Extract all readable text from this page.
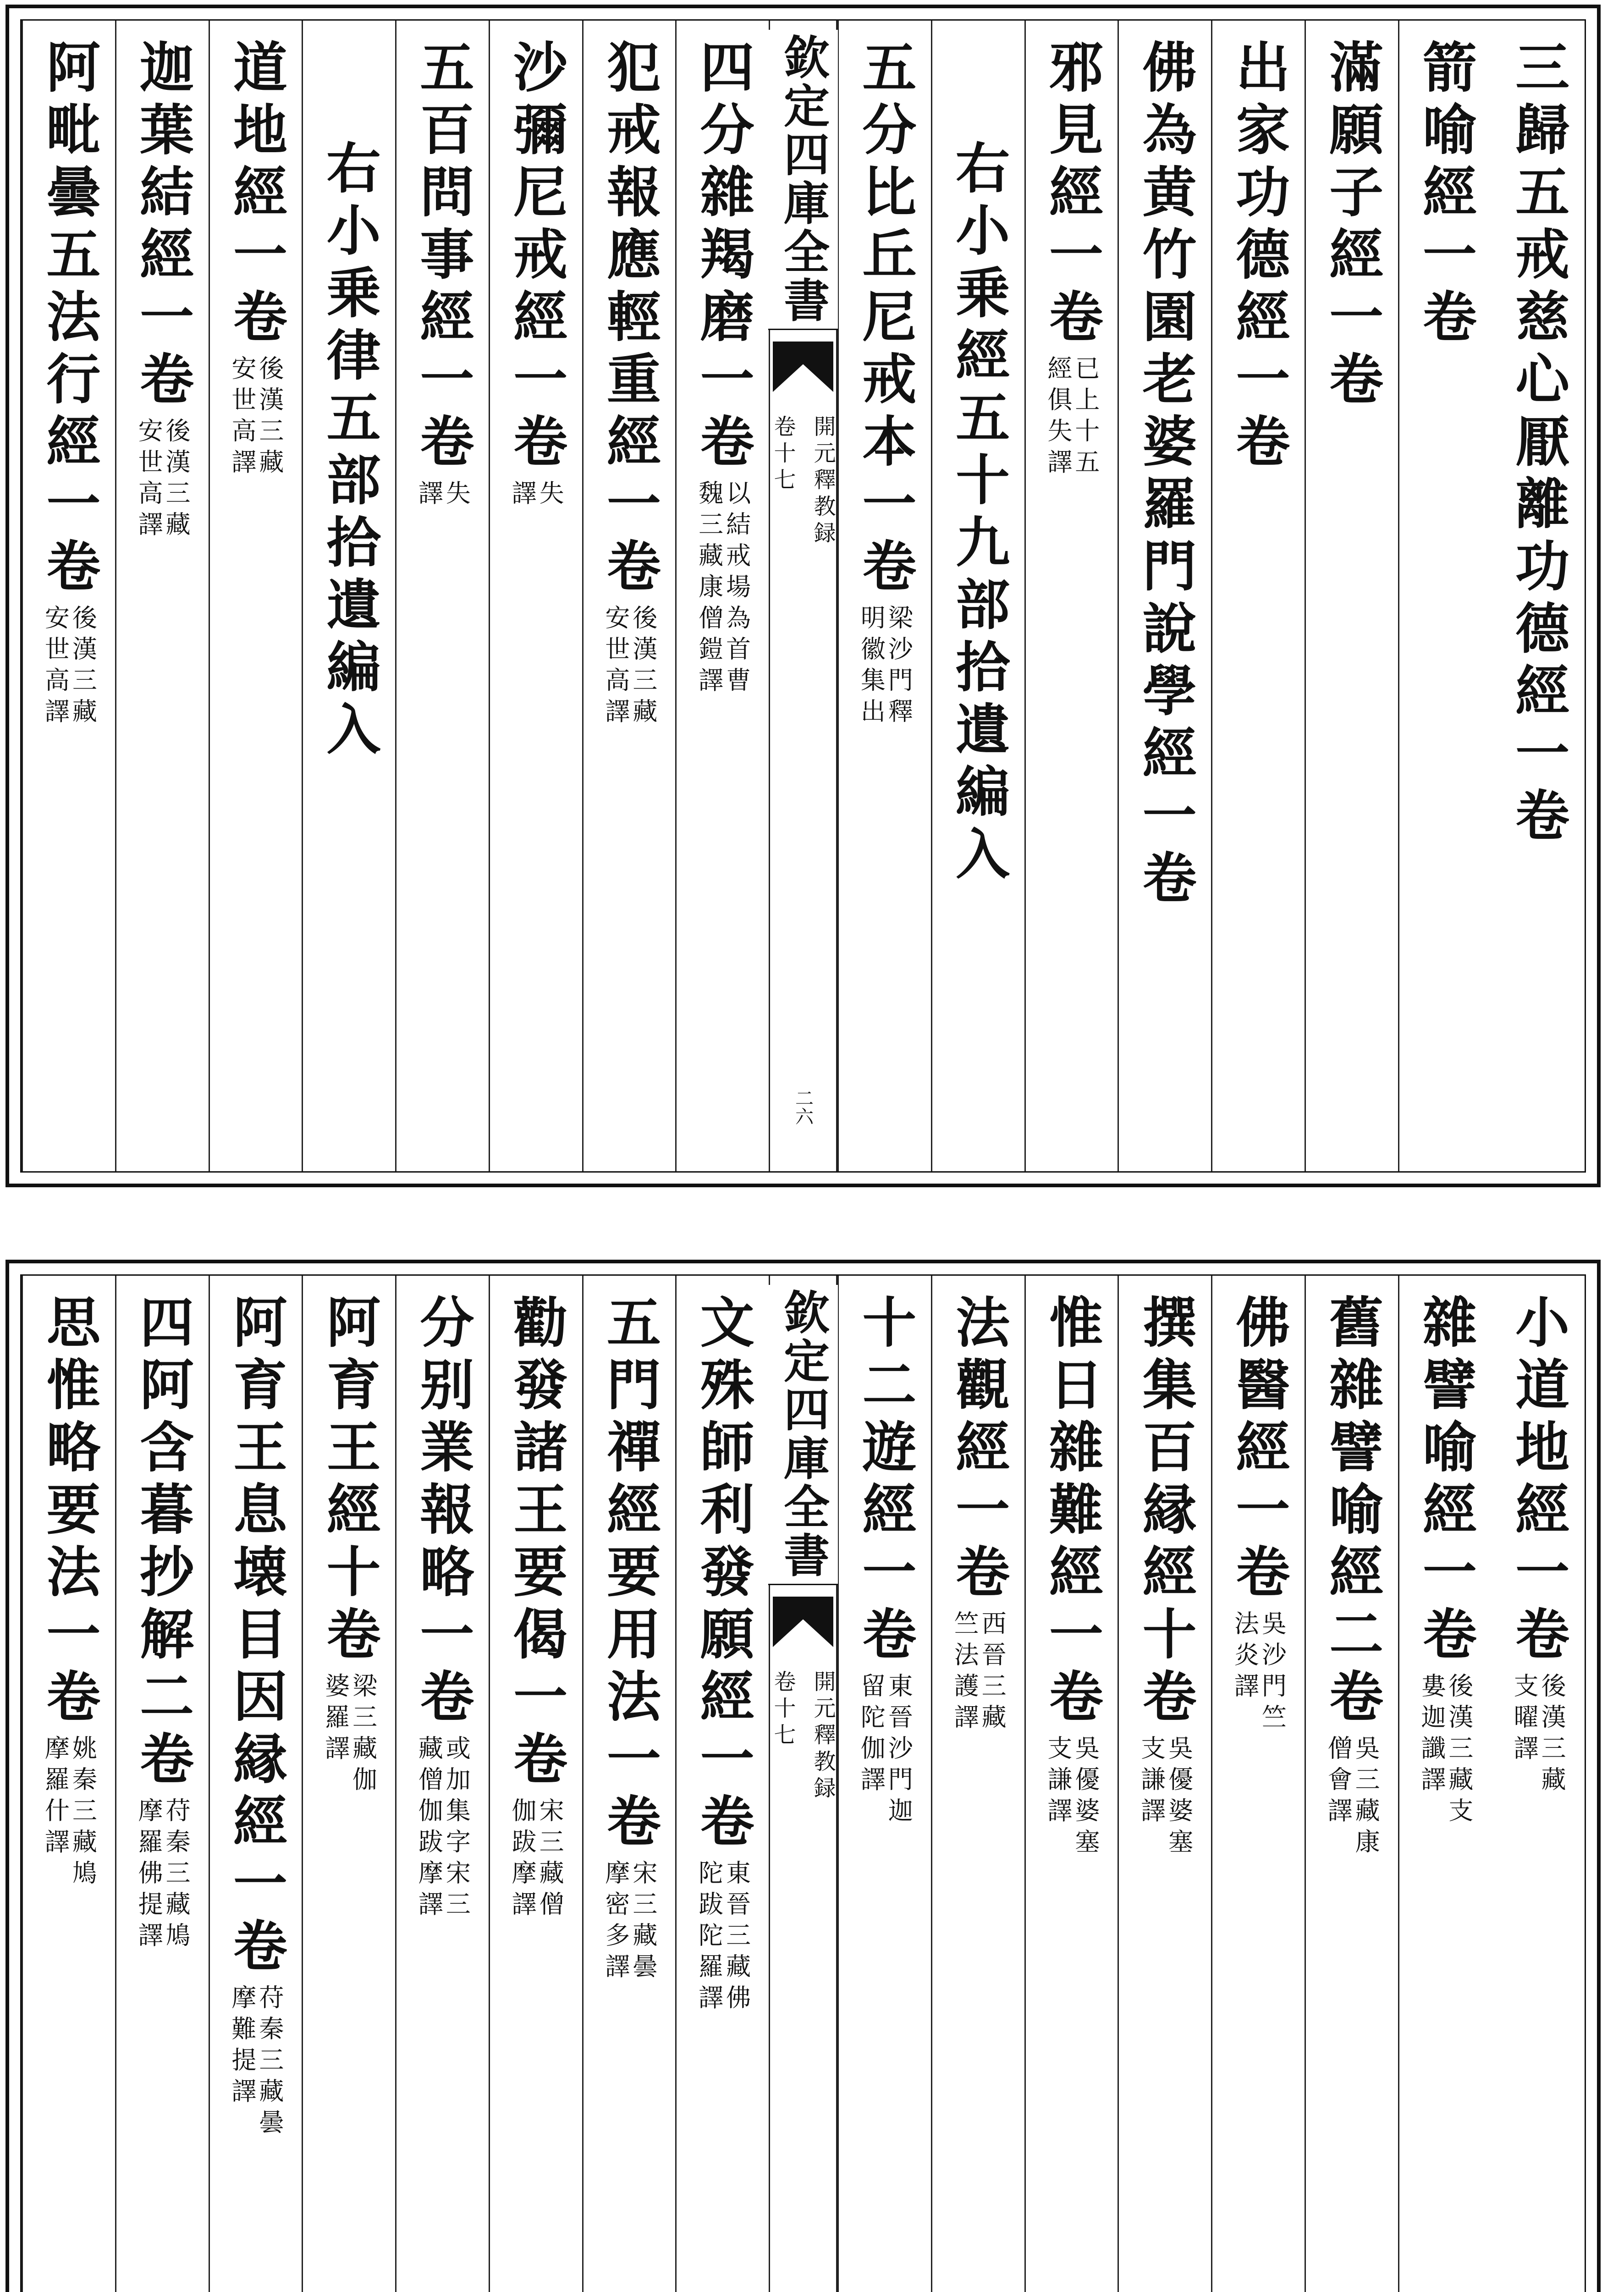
三歸五戒慈心厭離功德經一卷
箭喻經一卷
滿願子經一卷
出家功德經一卷
佛為黄竹園老婆羅門說學經一卷
邪見經一卷
已上十五
經俱失譯
右小乗經五十九部拾遺編入
五分比丘尼戒本一卷
梁沙門釋
明徽集出
欽定四庫全書
開元釋教録
卷十七
二六
四分雜羯磨一卷
以結戒場為首曹
魏三藏康僧鎧譯
犯戒報應輕重經一卷
後漢三藏
安世高譯
沙彌尼戒經一卷
失
譯
五百問事經一卷
失
譯
右小乗律五部拾遺編入
道地經一卷
後漢三藏
安世高譯
迦葉結經一卷
後漢三藏
安世高譯
阿毗曇五法行經一卷
後漢三藏
安世高譯
小道地經一卷
後漢三藏
支曜譯
雜譬喻經一卷
後漢三藏支
婁迦讖譯
舊雜譬喻經二卷
吳三藏康
僧會譯
佛醫經一卷
吳沙門竺
法炎譯
撰集百縁經十卷
吳優婆塞
支謙譯
惟日雜難經一卷
吳優婆塞
支謙譯
法觀經一卷
西晉三藏
竺法護譯
十二遊經一卷
東晉沙門迦
留陀伽譯
欽定四庫全書
開元釋教録
卷十七
文殊師利發願經一卷
東晉三藏佛
陀跋陀羅譯
五門禪經要用法一卷
宋三藏曇
摩密多譯
勸發諸王要偈一卷
宋三藏僧
伽跋摩譯
分别業報略一卷
或加集字宋三
藏僧伽跋摩譯
阿育王經十卷
梁三藏伽
婆羅譯
阿育王息壊目因縁經一卷
苻秦三藏曇
摩難提譯
四阿含暮抄解二卷
苻秦三藏鳩
摩羅佛提譯
思惟略要法一卷
姚秦三藏鳩
摩羅什譯
